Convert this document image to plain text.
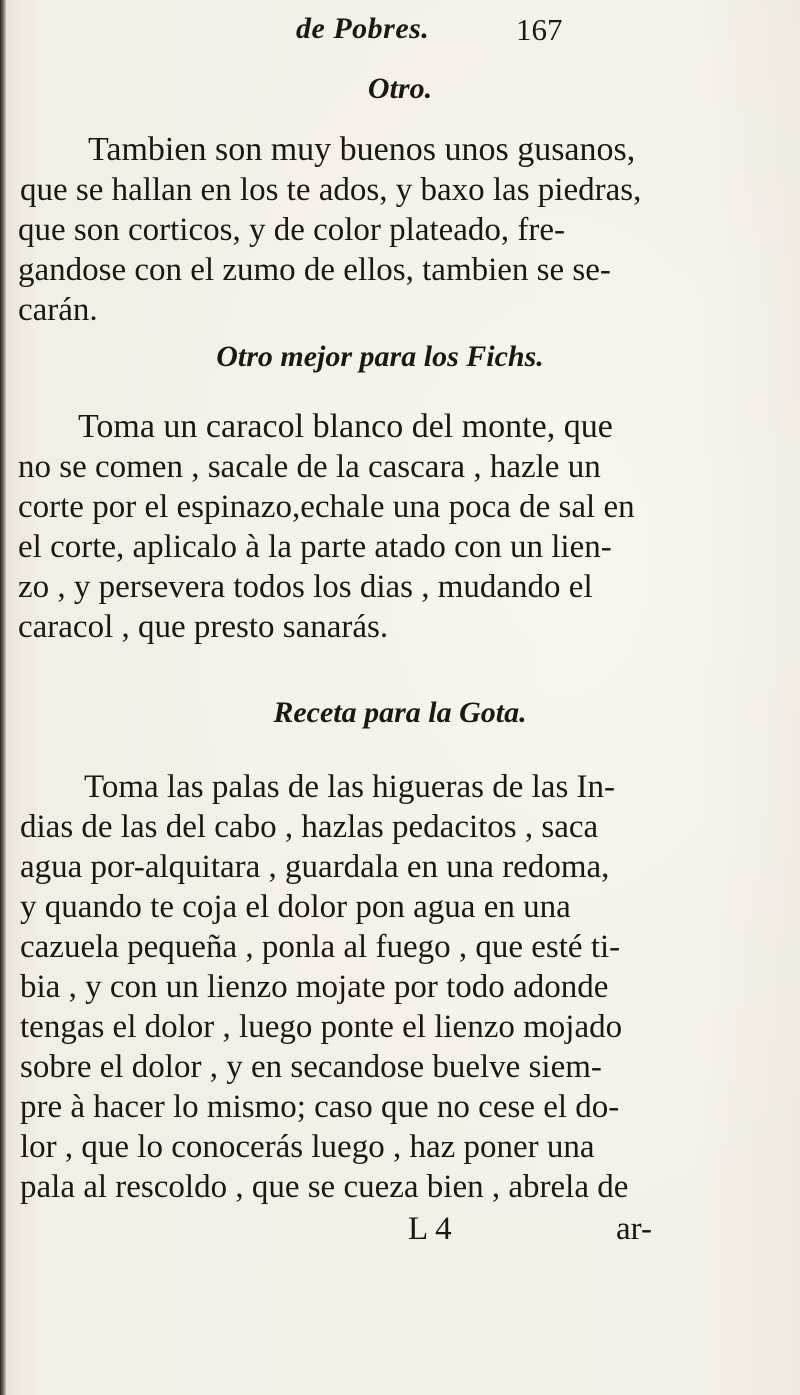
de Pobres.	167
Otro.
Tambien son muy buenos unos gusanos,
que se hallan en los te ados, y baxo las piedras,
que son corticos, y de color plateado, fre-
gandose con el zumo de ellos, tambien se se-
carán.
Otro mejor para los Fichs.
Toma un caracol blanco del monte, que
no se comen , sacale de la cascara , hazle un
corte por el espinazo,echale una poca de sal en
el corte, aplicalo à la parte atado con un lien-
zo , y persevera todos los dias , mudando el
caracol , que presto sanarás.
Receta para la Gota.
Toma las palas de las higueras de las In-
dias de las del cabo , hazlas pedacitos , saca
agua por-alquitara , guardala en una redoma,
y quando te coja el dolor pon agua en una
cazuela pequeña , ponla al fuego , que esté ti-
bia , y con un lienzo mojate por todo adonde
tengas el dolor , luego ponte el lienzo mojado
sobre el dolor , y en secandose buelve siem-
pre à hacer lo mismo; caso que no cese el do-
lor , que lo conocerás luego , haz poner una
pala al rescoldo , que se cueza bien , abrela de
L 4	ar-
